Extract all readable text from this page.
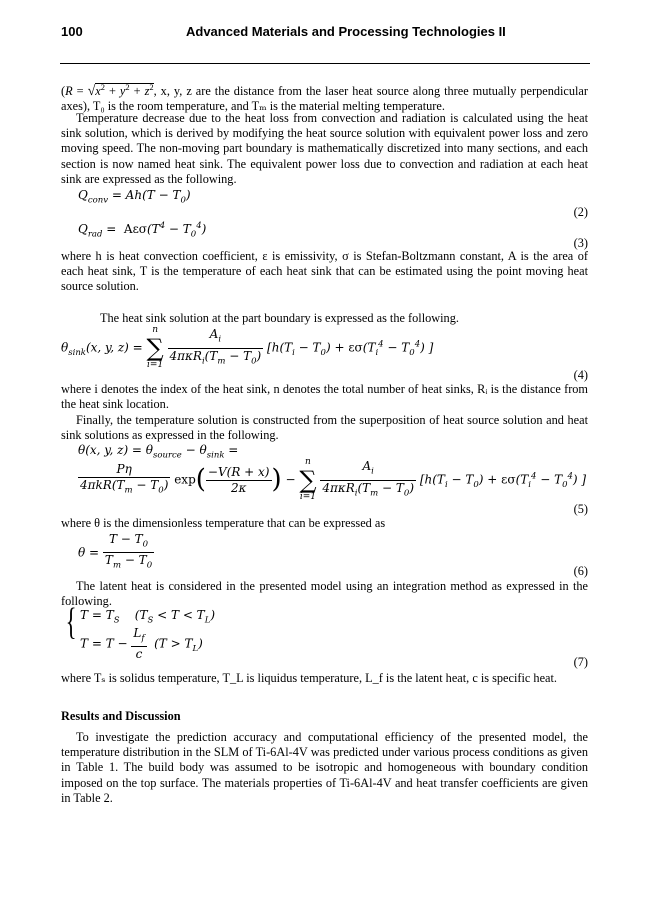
100	Advanced Materials and Processing Technologies II
($R = √x^2 + y^2 + z^2$, x, y, z are the distance from the laser heat source along three mutually perpendicular axes), T₀ is the room temperature, and Tₘ is the material melting temperature.
Temperature decrease due to the heat loss from convection and radiation is calculated using the heat sink solution, which is derived by modifying the heat source solution with equivalent power loss and zero moving speed. The non-moving part boundary is mathematically discretized into many sections, and each section is now named heat sink. The equivalent power loss due to convection and radiation at each heat sink are expressed as the following.
$Q_{conv} = Ah(T - T_0)$
(2)
$Q_{rad} = A\varepsilon\sigma(T^4 - T_0^4)$
(3)
where h is heat convection coefficient, ε is emissivity, σ is Stefan-Boltzmann constant, A is the area of each heat sink, T is the temperature of each heat sink that can be estimated using the point moving heat source solution.
The heat sink solution at the part boundary is expressed as the following.
$\theta_{sink}(x$, y, z) =
n
∑
i=1
$\frac{A_i}{4\pi\kappa R_i(T_m - T_0)} [h(T_i - T_0) + \varepsilon\sigma(T_i^4 - T_0^4)$ ]
(4)
where i denotes the index of the heat sink, n denotes the total number of heat sinks, Rᵢ is the distance from the heat sink location.
Finally, the temperature solution is constructed from the superposition of heat source solution and heat sink solutions as expressed in the following.
θ(x, y, $z) = \theta_{source} - \theta_{sink}$ =
$\frac{P\eta}{4\pi kR(T_m - T_0)} \exp( \frac{-V(R + x)}{2\kappa}$ ) −
n
∑
i=1
$\frac{A_i}{4\pi\kappa R_i(T_m - T_0)} [h(T_i - T_0) + \varepsilon\sigma(T_i^4 - T_0^4)$ ]
(5)
where θ is the dimensionless temperature that can be expressed as
$\theta = \frac{T - T_0}{T_m - T_0}$	(6)
The latent heat is considered in the presented model using an integration method as expressed in the following.
{ $T = T_S$    $(T_S < T < T_L)$
$T = T - \frac{L_f}{c} (T > T_L)$
(7)
where Tₛ is solidus temperature, T_L is liquidus temperature, L_f is the latent heat, c is specific heat.
Results and Discussion
To investigate the prediction accuracy and computational efficiency of the presented model, the temperature distribution in the SLM of Ti-6Al-4V was predicted under various process conditions as given in Table 1. The build body was assumed to be isotropic and homogeneous with boundary condition imposed on the top surface. The materials properties of Ti-6Al-4V and heat transfer coefficients are given in Table 2.
